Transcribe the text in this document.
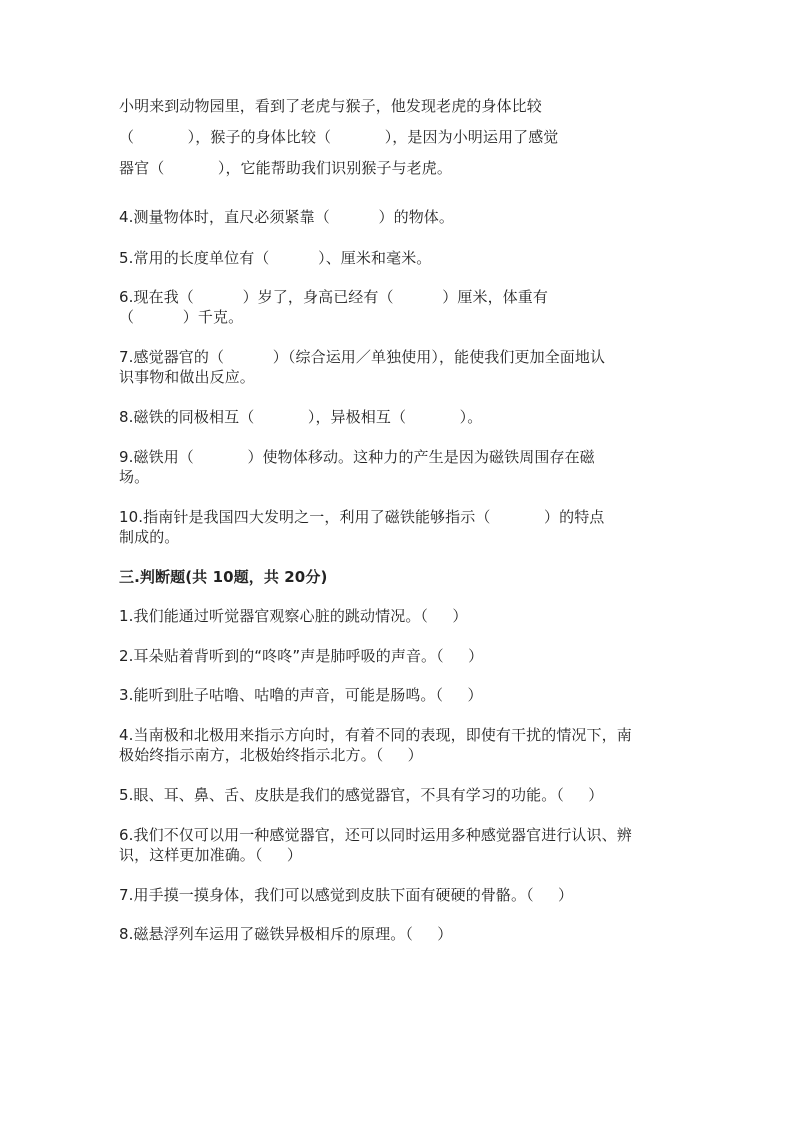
小明来到动物园里，看到了老虎与猴子，他发现老虎的身体比较
（           ），猴子的身体比较（           ），是因为小明运用了感觉
器官（           ），它能帮助我们识别猴子与老虎。
4.测量物体时，直尺必须紧靠（          ）的物体。
5.常用的长度单位有（          ）、厘米和毫米。
6.现在我（          ）岁了，身高已经有（          ）厘米，体重有
（          ）千克。
7.感觉器官的（          ）（综合运用／单独使用），能使我们更加全面地认
识事物和做出反应。
8.磁铁的同极相互（           ），异极相互（           ）。
9.磁铁用（           ）使物体移动。这种力的产生是因为磁铁周围存在磁
场。
10.指南针是我国四大发明之一，利用了磁铁能够指示（           ）的特点
制成的。
三.判断题(共 10题，共 20分)
1.我们能通过听觉器官观察心脏的跳动情况。（     ）
2.耳朵贴着背听到的“咚咚”声是肺呼吸的声音。（     ）
3.能听到肚子咕噜、咕噜的声音，可能是肠鸣。（     ）
4.当南极和北极用来指示方向时，有着不同的表现，即使有干扰的情况下，南
极始终指示南方，北极始终指示北方。（     ）
5.眼、耳、鼻、舌、皮肤是我们的感觉器官，不具有学习的功能。（     ）
6.我们不仅可以用一种感觉器官，还可以同时运用多种感觉器官进行认识、辨
识，这样更加准确。（     ）
7.用手摸一摸身体，我们可以感觉到皮肤下面有硬硬的骨骼。（     ）
8.磁悬浮列车运用了磁铁异极相斥的原理。（     ）
